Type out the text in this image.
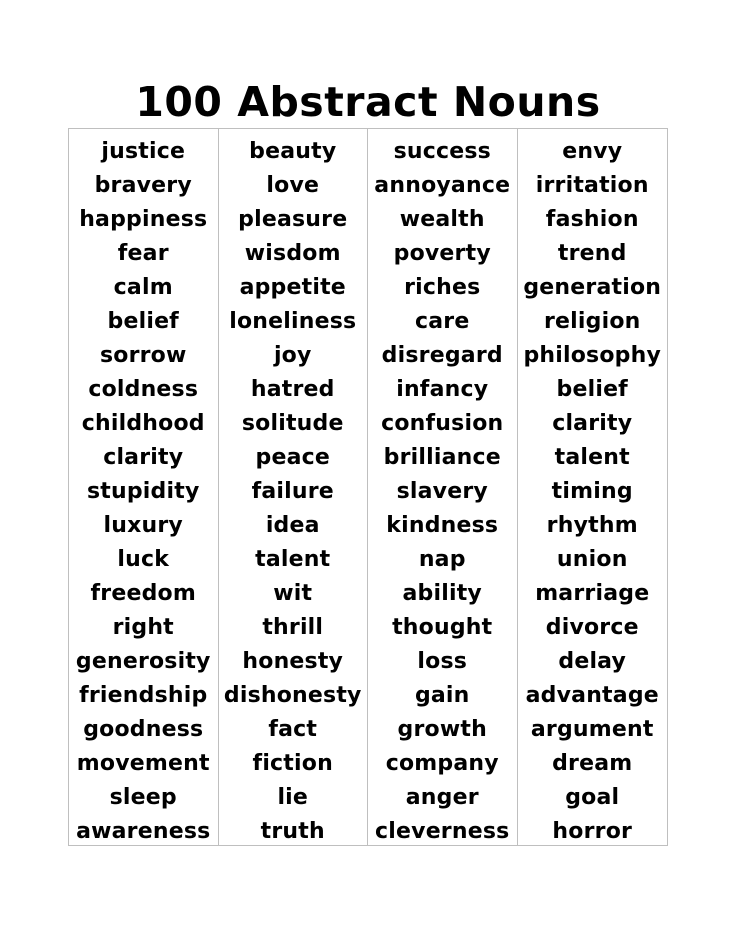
100 Abstract Nouns
justice
bravery
happiness
fear
calm
belief
sorrow
coldness
childhood
clarity
stupidity
luxury
luck
freedom
right
generosity
friendship
goodness
movement
sleep
awareness
beauty
love
pleasure
wisdom
appetite
loneliness
joy
hatred
solitude
peace
failure
idea
talent
wit
thrill
honesty
dishonesty
fact
fiction
lie
truth
success
annoyance
wealth
poverty
riches
care
disregard
infancy
confusion
brilliance
slavery
kindness
nap
ability
thought
loss
gain
growth
company
anger
cleverness
envy
irritation
fashion
trend
generation
religion
philosophy
belief
clarity
talent
timing
rhythm
union
marriage
divorce
delay
advantage
argument
dream
goal
horror
